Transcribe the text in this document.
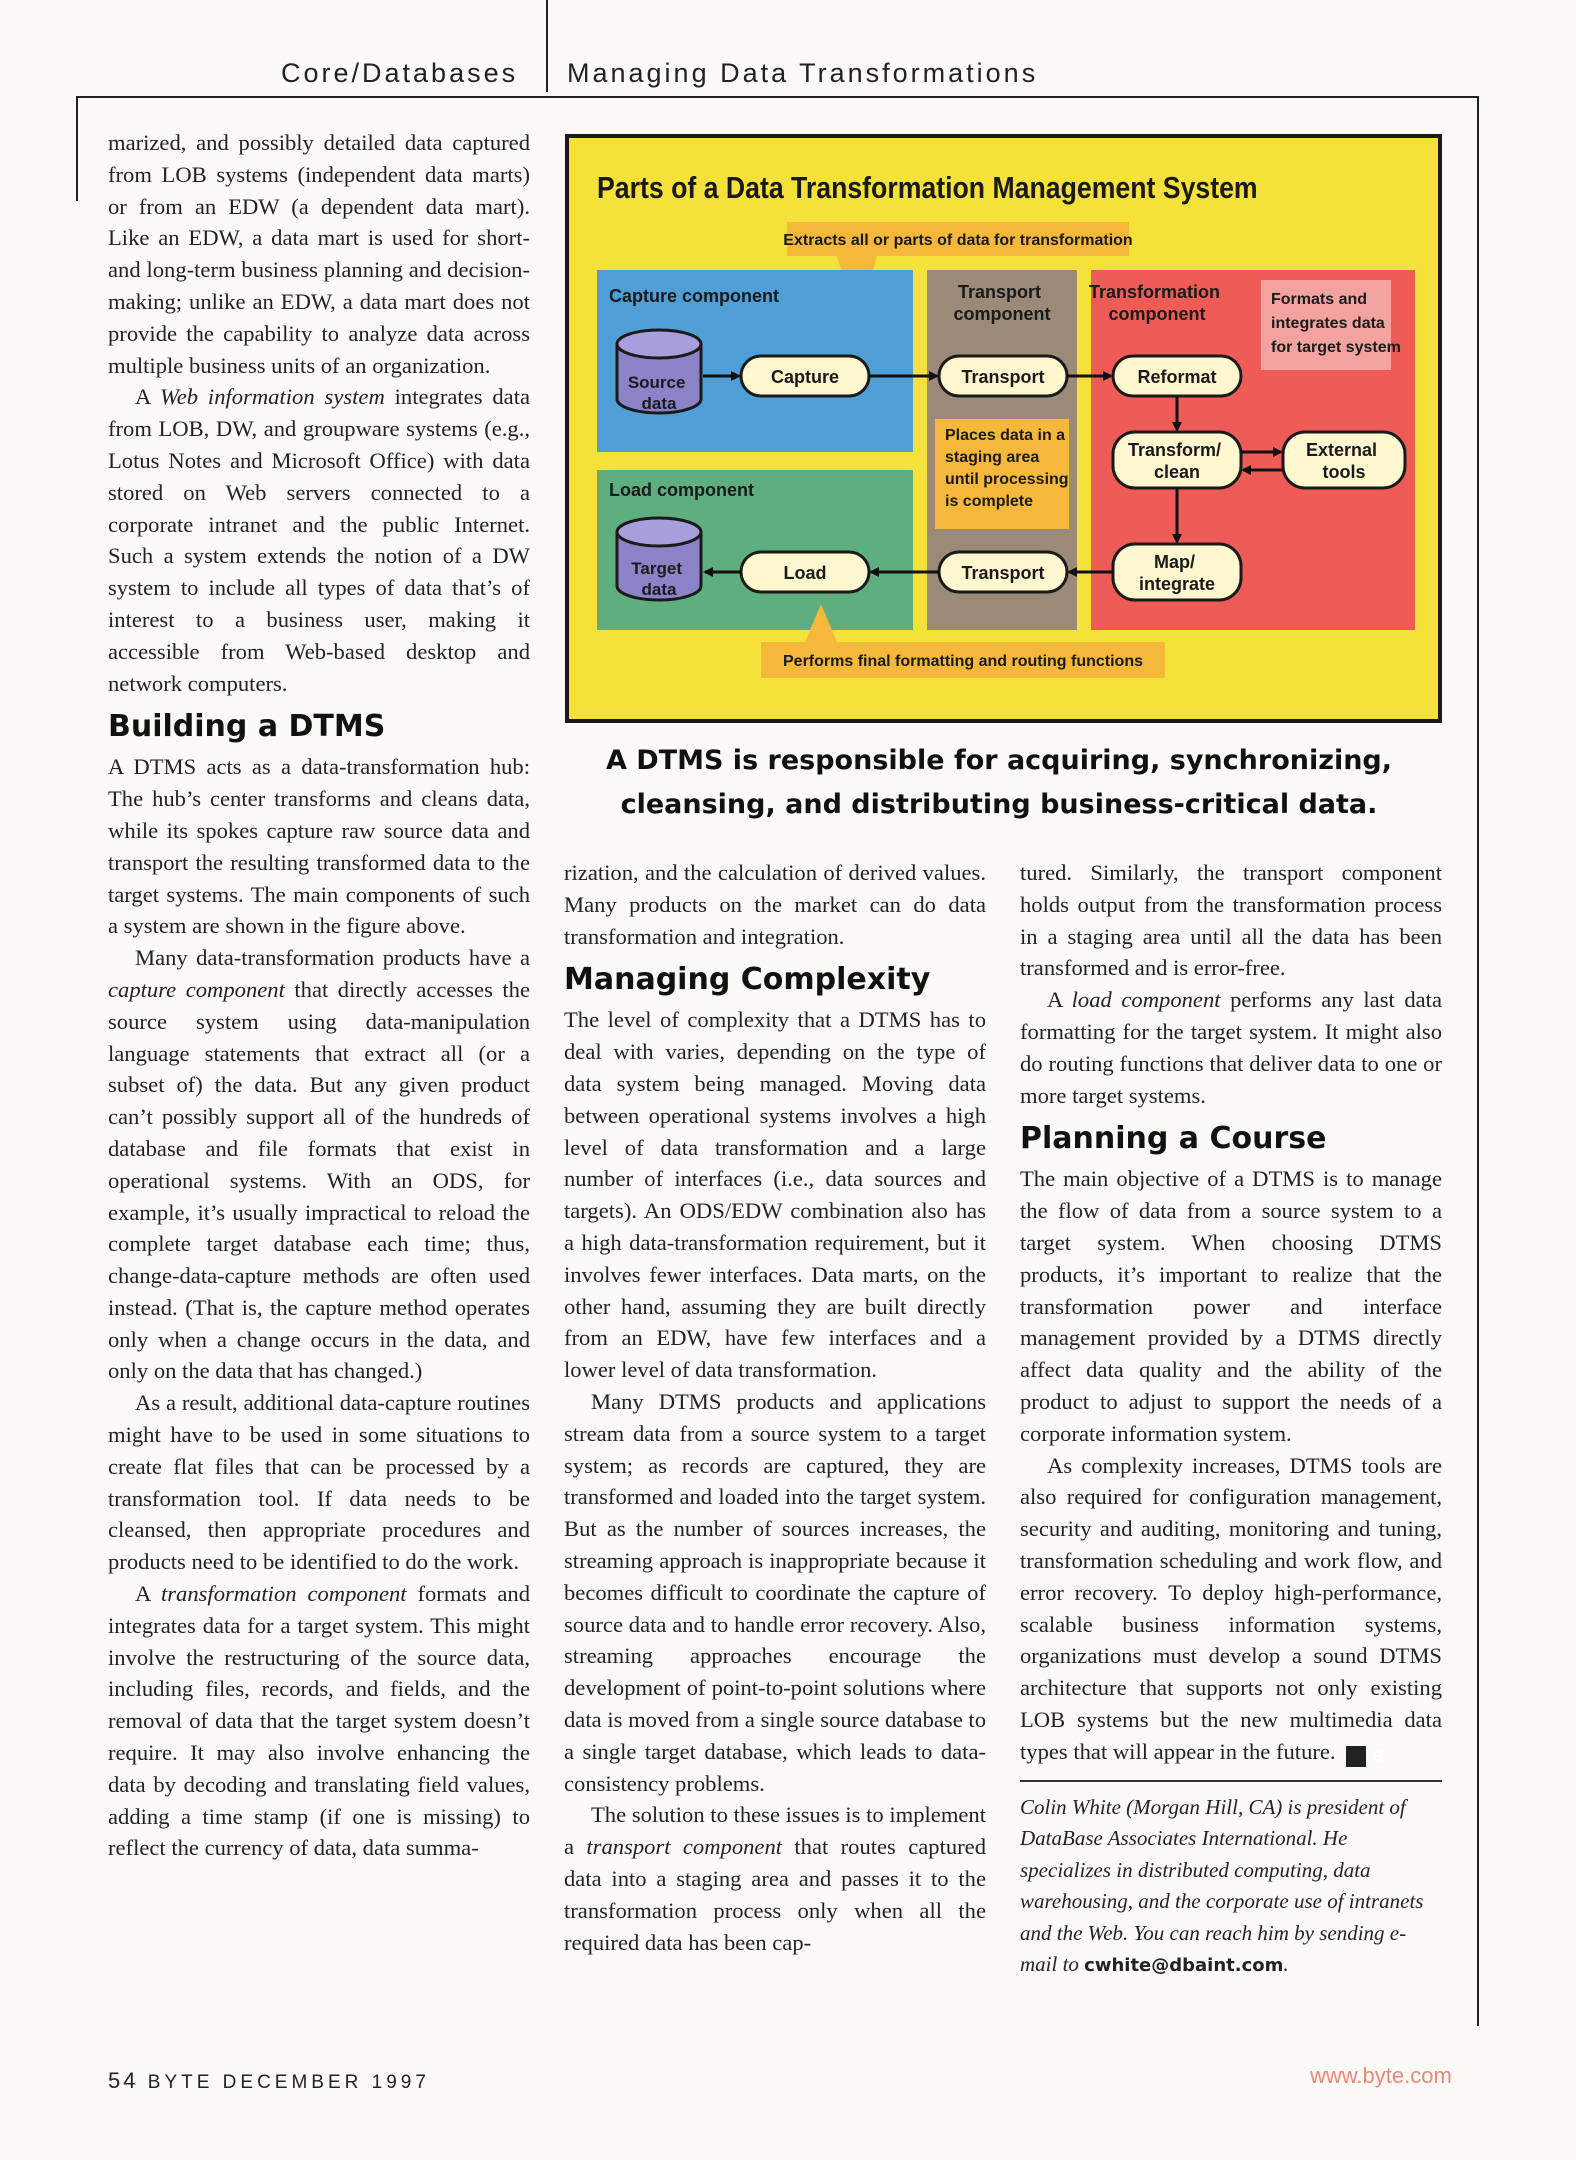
Core/Databases Managing Data Transformations
Parts of a Data Transformation Management System
Extracts all or parts of data for transformation
Capture component
Load component
Transport component
Transformation component
Formats and integrates data for target system
Places data in a staging area until processing is complete
Performs final formatting and routing functions
Source data
Target data
Capture	Transport	Reformat
Transform/ clean
External tools
Map/ integrate
Transport
Load
A DTMS is responsible for acquiring, synchronizing,
cleansing, and distributing business-critical data.

marized, and possibly detailed data captured from LOB systems (independent data marts) or from an EDW (a dependent data mart). Like an EDW, a data mart is used for short- and long-term business planning and decision-making; unlike an EDW, a data mart does not provide the capability to analyze data across multiple business units of an organization.

A Web information system integrates data from LOB, DW, and groupware systems (e.g., Lotus Notes and Microsoft Office) with data stored on Web servers connected to a corporate intranet and the public Internet. Such a system extends the notion of a DW system to include all types of data that’s of interest to a business user, making it accessible from Web-based desktop and network computers.

Building a DTMS

A DTMS acts as a data-transformation hub: The hub’s center transforms and cleans data, while its spokes capture raw source data and transport the resulting transformed data to the target systems. The main components of such a system are shown in the figure above.

Many data-transformation products have a capture component that directly accesses the source system using data-manipulation language statements that extract all (or a subset of) the data. But any given product can’t possibly support all of the hundreds of database and file formats that exist in operational systems. With an ODS, for example, it’s usually impractical to reload the complete target database each time; thus, change-data-capture methods are often used instead. (That is, the capture method operates only when a change occurs in the data, and only on the data that has changed.)

As a result, additional data-capture routines might have to be used in some situations to create flat files that can be processed by a transformation tool. If data needs to be cleansed, then appropriate procedures and products need to be identified to do the work.

A transformation component formats and integrates data for a target system. This might involve the restructuring of the source data, including files, records, and fields, and the removal of data that the target system doesn’t require. It may also involve enhancing the data by decoding and translating field values, adding a time stamp (if one is missing) to reflect the currency of data, data summa-

rization, and the calculation of derived values. Many products on the market can do data transformation and integration.

Managing Complexity

The level of complexity that a DTMS has to deal with varies, depending on the type of data system being managed. Moving data between operational systems involves a high level of data transformation and a large number of interfaces (i.e., data sources and targets). An ODS/EDW combination also has a high data-transformation requirement, but it involves fewer interfaces. Data marts, on the other hand, assuming they are built directly from an EDW, have few interfaces and a lower level of data transformation.

Many DTMS products and applications stream data from a source system to a target system; as records are captured, they are transformed and loaded into the target system. But as the number of sources increases, the streaming approach is inappropriate because it becomes difficult to coordinate the capture of source data and to handle error recovery. Also, streaming approaches encourage the development of point-to-point solutions where data is moved from a single source database to a single target database, which leads to data-consistency problems.

The solution to these issues is to implement a transport component that routes captured data into a staging area and passes it to the transformation process only when all the required data has been cap-

tured. Similarly, the transport component holds output from the transformation process in a staging area until all the data has been transformed and is error-free.

A load component performs any last data formatting for the target system. It might also do routing functions that deliver data to one or more target systems.

Planning a Course

The main objective of a DTMS is to manage the flow of data from a source system to a target system. When choosing DTMS products, it’s important to realize that the transformation power and interface management provided by a DTMS directly affect data quality and the ability of the product to adjust to support the needs of a corporate information system.

As complexity increases, DTMS tools are also required for configuration management, security and auditing, monitoring and tuning, transformation scheduling and work flow, and error recovery. To deploy high-performance, scalable business information systems, organizations must develop a sound DTMS architecture that supports not only existing LOB systems but the new multimedia data types that will appear in the future. B

Colin White (Morgan Hill, CA) is president of DataBase Associates International. He specializes in distributed computing, data warehousing, and the corporate use of intranets and the Web. You can reach him by sending e-mail to cwhite@dbaint.com.

54 BYTE DECEMBER 1997	www.byte.com
